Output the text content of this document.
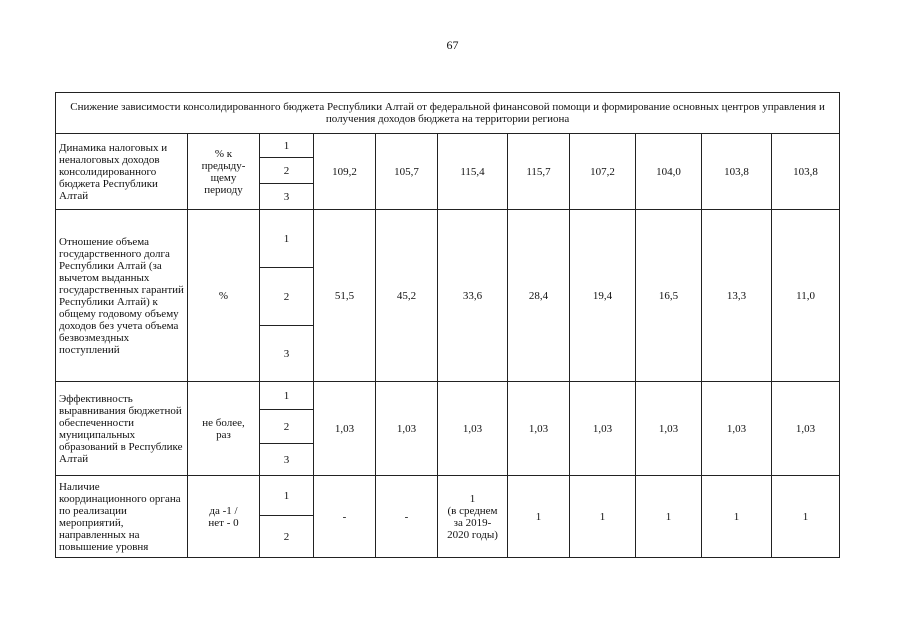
67
Снижение зависимости консолидированного бюджета Республики Алтай от федеральной финансовой помощи и формирование основных центров управления и получения доходов бюджета на территории региона										
Динамика налоговых и неналоговых доходов консолидированного бюджета Республики Алтай	% к
предыду-
щему
периоду	1	109,2	105,7	115,4	115,7	107,2	104,0	103,8	103,8
		2								
		3								
Отношение объема государственного долга Республики Алтай (за вычетом выданных государственных гарантий Республики Алтай) к общему годовому объему доходов без учета объема безвозмездных поступлений	%	1	51,5	45,2	33,6	28,4	19,4	16,5	13,3	11,0
		2								
		3								
Эффективность выравнивания бюджетной обеспеченности муниципальных образований в Республике Алтай	не более,
раз	1	1,03	1,03	1,03	1,03	1,03	1,03	1,03	1,03
		2								
		3								
Наличие координационного органа по реализации мероприятий, направленных на повышение уровня	да -1 /
нет - 0	1	-	-	1
(в среднем
за 2019-
2020 годы)	1	1	1	1	1
		2								
